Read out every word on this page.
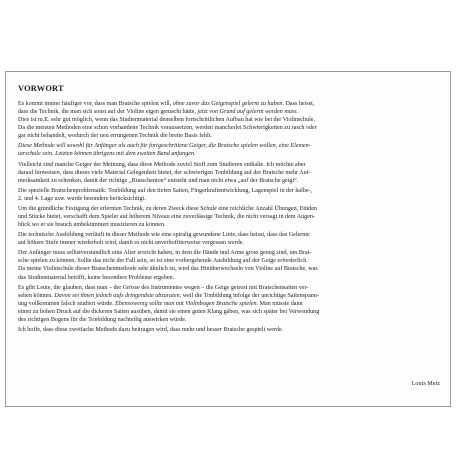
VORWORT

Es kommt immer häufiger vor, dass man Bratsche spielen will, ohne zuvor das Geigenspiel gelernt zu haben. Dass heisst,
dass die Technik, die man sich sonst auf der Violine eigen gemacht hätte, jetzt von Grund auf gelernt werden muss.
Dies ist m.E. sehr gut möglich, wenn das Studienmaterial denselben fortschrittlichen Aufbau hat wie bei der Violinschule.
Da die meisten Methoden eine schon vorhandene Technik voraussetzen, werden mancherlei Schwierigkeiten zu rasch oder
gar nicht behandelt, wodurch der neu errungenen Technik die breite Basis fehlt.

Diese Methode will sowohl für Anfänger als auch für fortgeschrittene Geiger, die Bratsche spielen wollen, eine Elemen-
tarschule sein. Letzten können übrigens mit dem zweiten Band anfangen.

Vielleicht sind manche Geiger der Meinung, dass diese Methode zuviel Stoff zum Studieren enthalte. Ich möchte aber
darauf hinweisen, dass dieses viele Material Gelegenheit bietet, der schwierigen Tonbildung auf der Bratsche mehr Auf-
merksamkeit zu schenken, damit der richtige „Bratschenton“ entsteht und man nicht etwa „auf der Bratsche geigt“.

Die spezielle Bratschenproblematik: Tonbildung auf den tiefen Saiten, Fingerkraftentwicklung, Lagenspiel in der halbe-,
2. und 4. Lage usw. wurde besonders berücksichtigt.

Um die gründliche Festigung der erlernten Technik, zu deren Zweck diese Schule eine reichliche Anzahl Übungen, Etüden
und Stücke bietet, verschafft dem Spieler auf höherem Niveau eine zuverlässige Technik, die nicht versagt in dem Augen-
blick wo er sie brauch umbekümmert musizieren zu können.

Die technische Ausbildung verläuft in dieser Methode wie eine spiralig gewundene Linie, dass heisst, dass das Gelernte
auf höhere Stufe immer wiederholt wird, damit es nicht unverhofftterweise vergessen werde.

Der Anfänger muss selbstverständlich eine Alter erreicht haben, in dem die Hände und Arme gross genug sind, um Brat-
sche spielen zu können. Sollte das nicht der Fall sein, so ist eine vorhergehende Ausbildung auf der Geige erforderlich.
Da meine Violinschule dieser Bratschenmethode sehr ähnlich ist, wird das Hinüberwechseln von Violine auf Bratsche, was
das Studienmaterial betrifft, keine besondere Probleme ergeben.

Es gibt Leute, die glauben, dass man – der Grösse des Instrumentes wegen – die Geige getrost mit Bratschensaiten ver-
sehen können. Davon sei ihnen jedoch aufs dringendste abzuraten, weil die Tonbildung infolge der unrichtige Saitenspann-
ung vollkommen falsch studiert würde. Ebensowenig sollte man mit Violinbogen Bratsche spielen. Man müsste dann
einen zu hohen Druck auf die dickeren Saiten ausüben, damit sie einen guten Klang gäben, was sich später bei Verwendung
des richtigen Bogens für die Tonbildung nachteilig auswirken würde.

Ich hoffe, dass diese zweifache Methode dazu beitragen wird, dass mehr und besser Bratsche gespielt werde.

Louis Metz
